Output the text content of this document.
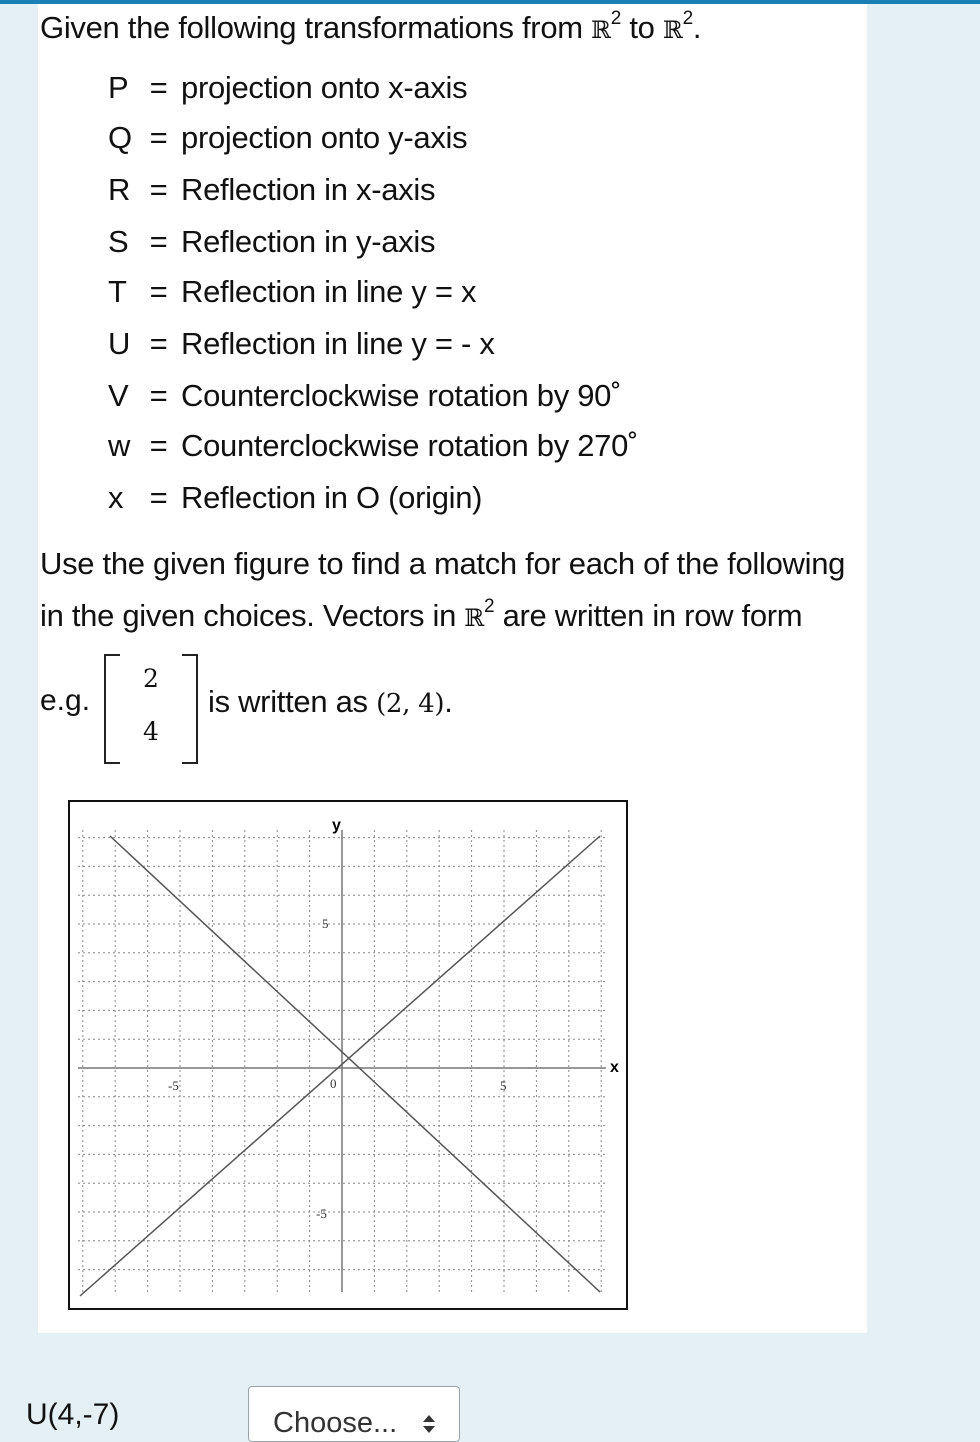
Given the following transformations from ℝ$^2$ to ℝ$^2$.
P = projection onto x-axis
Q = projection onto y-axis
R = Reflection in x-axis
S = Reflection in y-axis
T = Reflection in line y = x
U = Reflection in line y = - x
V = Counterclockwise rotation by 90˚
w = Counterclockwise rotation by 270˚
x = Reflection in O (origin)
Use the given figure to find a match for each of the following
in the given choices. Vectors in ℝ$^2$ are written in row form
e.g.
2
4
is written as (2, 4).
x
y
-5	5
5
-5
0
U(4,-7)	Choose...
